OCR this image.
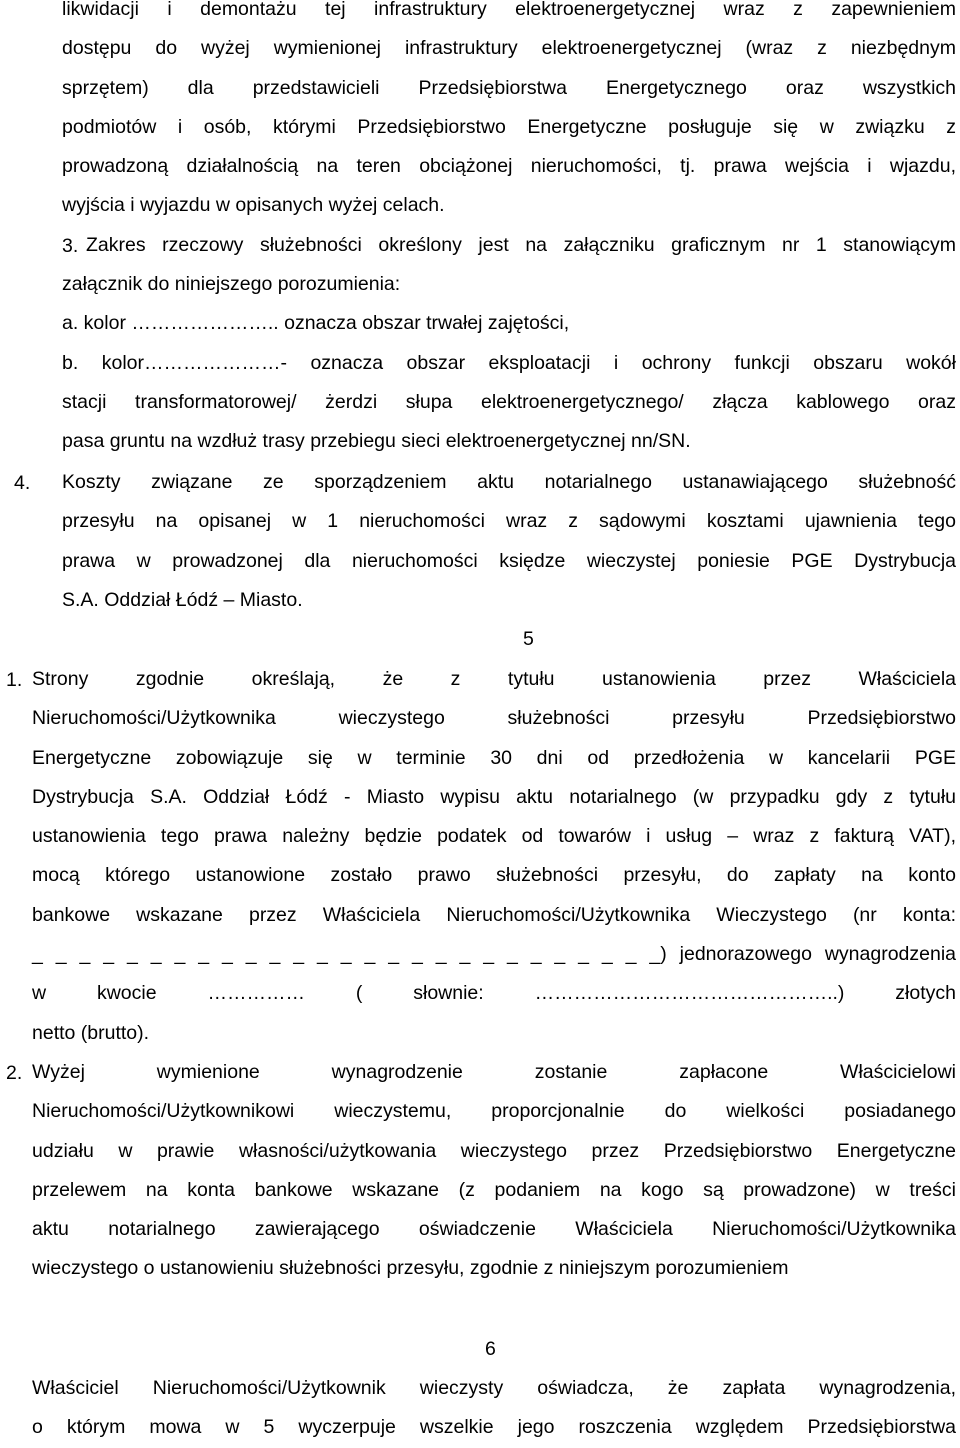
likwidacji i demontażu tej infrastruktury elektroenergetycznej wraz z zapewnieniem
dostępu do wyżej wymienionej infrastruktury elektroenergetycznej (wraz z niezbędnym
sprzętem) dla przedstawicieli Przedsiębiorstwa Energetycznego oraz wszystkich
podmiotów i osób, którymi Przedsiębiorstwo Energetyczne posługuje się w związku z
prowadzoną działalnością na teren obciążonej nieruchomości, tj. prawa wejścia i wjazdu,
wyjścia i wyjazdu w opisanych wyżej celach.
3. Zakres rzeczowy służebności określony jest na załączniku graficznym nr 1 stanowiącym
załącznik do niniejszego porozumienia:
a. kolor ………………….. oznacza obszar trwałej zajętości,
b. kolor…………………- oznacza obszar eksploatacji i ochrony funkcji obszaru wokół
stacji transformatorowej/ żerdzi słupa elektroenergetycznego/ złącza kablowego oraz
pasa gruntu na wzdłuż trasy przebiegu sieci elektroenergetycznej nn/SN.
4. Koszty związane ze sporządzeniem aktu notarialnego ustanawiającego służebność
przesyłu na opisanej w 1 nieruchomości wraz z sądowymi kosztami ujawnienia tego
prawa w prowadzonej dla nieruchomości księdze wieczystej poniesie PGE Dystrybucja
S.A. Oddział Łódź – Miasto.
5
1. Strony zgodnie określają, że z tytułu ustanowienia przez Właściciela
Nieruchomości/Użytkownika wieczystego służebności przesyłu Przedsiębiorstwo
Energetyczne zobowiązuje się w terminie 30 dni od przedłożenia w kancelarii PGE
Dystrybucja S.A. Oddział Łódź - Miasto wypisu aktu notarialnego (w przypadku gdy z tytułu
ustanowienia tego prawa należny będzie podatek od towarów i usług – wraz z fakturą VAT),
mocą którego ustanowione zostało prawo służebności przesyłu, do zapłaty na konto
bankowe wskazane przez Właściciela Nieruchomości/Użytkownika Wieczystego (nr konta:
_ _ _ _ _ _ _ _ _ _ _ _ _ _ _ _ _ _ _ _ _ _ _ _ _ _ _) jednorazowego wynagrodzenia
w kwocie …………… ( słownie: ………………………………………..) złotych
netto (brutto).
2. Wyżej wymienione wynagrodzenie zostanie zapłacone Właścicielowi
Nieruchomości/Użytkownikowi wieczystemu, proporcjonalnie do wielkości posiadanego
udziału w prawie własności/użytkowania wieczystego przez Przedsiębiorstwo Energetyczne
przelewem na konta bankowe wskazane (z podaniem na kogo są prowadzone) w treści
aktu notarialnego zawierającego oświadczenie Właściciela Nieruchomości/Użytkownika
wieczystego o ustanowieniu służebności przesyłu, zgodnie z niniejszym porozumieniem
6
Właściciel Nieruchomości/Użytkownik wieczysty oświadcza, że zapłata wynagrodzenia,
o którym mowa w 5 wyczerpuje wszelkie jego roszczenia względem Przedsiębiorstwa
